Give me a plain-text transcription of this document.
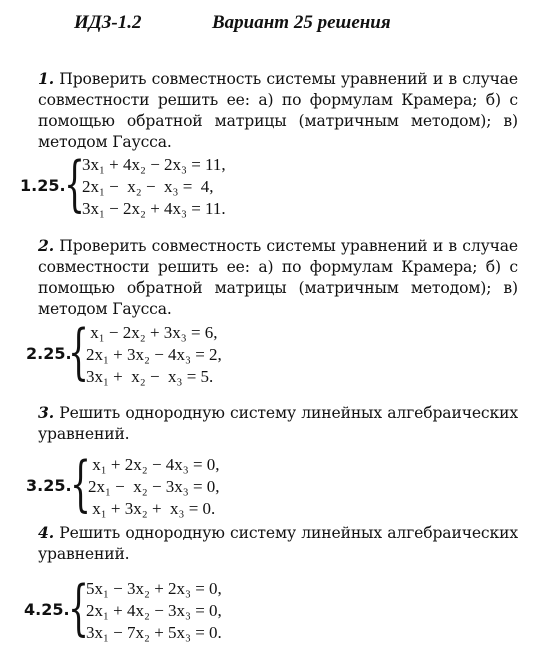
ИДЗ-1.2	Вариант 25 решения
1. Проверить совместность системы уравнений и в случае совместности решить ее: а) по формулам Крамера; б) с помощью обратной матрицы (матричным методом); в) методом Гаусса.
1.25.
{
3x₁ + 4x₂ − 2x₃ = 11,
2x₁ −  x₂ −  x₃ =  4,
3x₁ − 2x₂ + 4x₃ = 11.
2. Проверить совместность системы уравнений и в случае совместности решить ее: а) по формулам Крамера; б) с помощью обратной матрицы (матричным методом); в) методом Гаусса.
2.25.
{
x₁ − 2x₂ + 3x₃ = 6,
2x₁ + 3x₂ − 4x₃ = 2,
3x₁ +  x₂ −  x₃ = 5.
3. Решить однородную систему линейных алгебраических уравнений.
3.25.
{
x₁ + 2x₂ − 4x₃ = 0,
2x₁ −  x₂ − 3x₃ = 0,
x₁ + 3x₂ +  x₃ = 0.
4. Решить однородную систему линейных алгебраических уравнений.
4.25.
{
5x₁ − 3x₂ + 2x₃ = 0,
2x₁ + 4x₂ − 3x₃ = 0,
3x₁ − 7x₂ + 5x₃ = 0.
